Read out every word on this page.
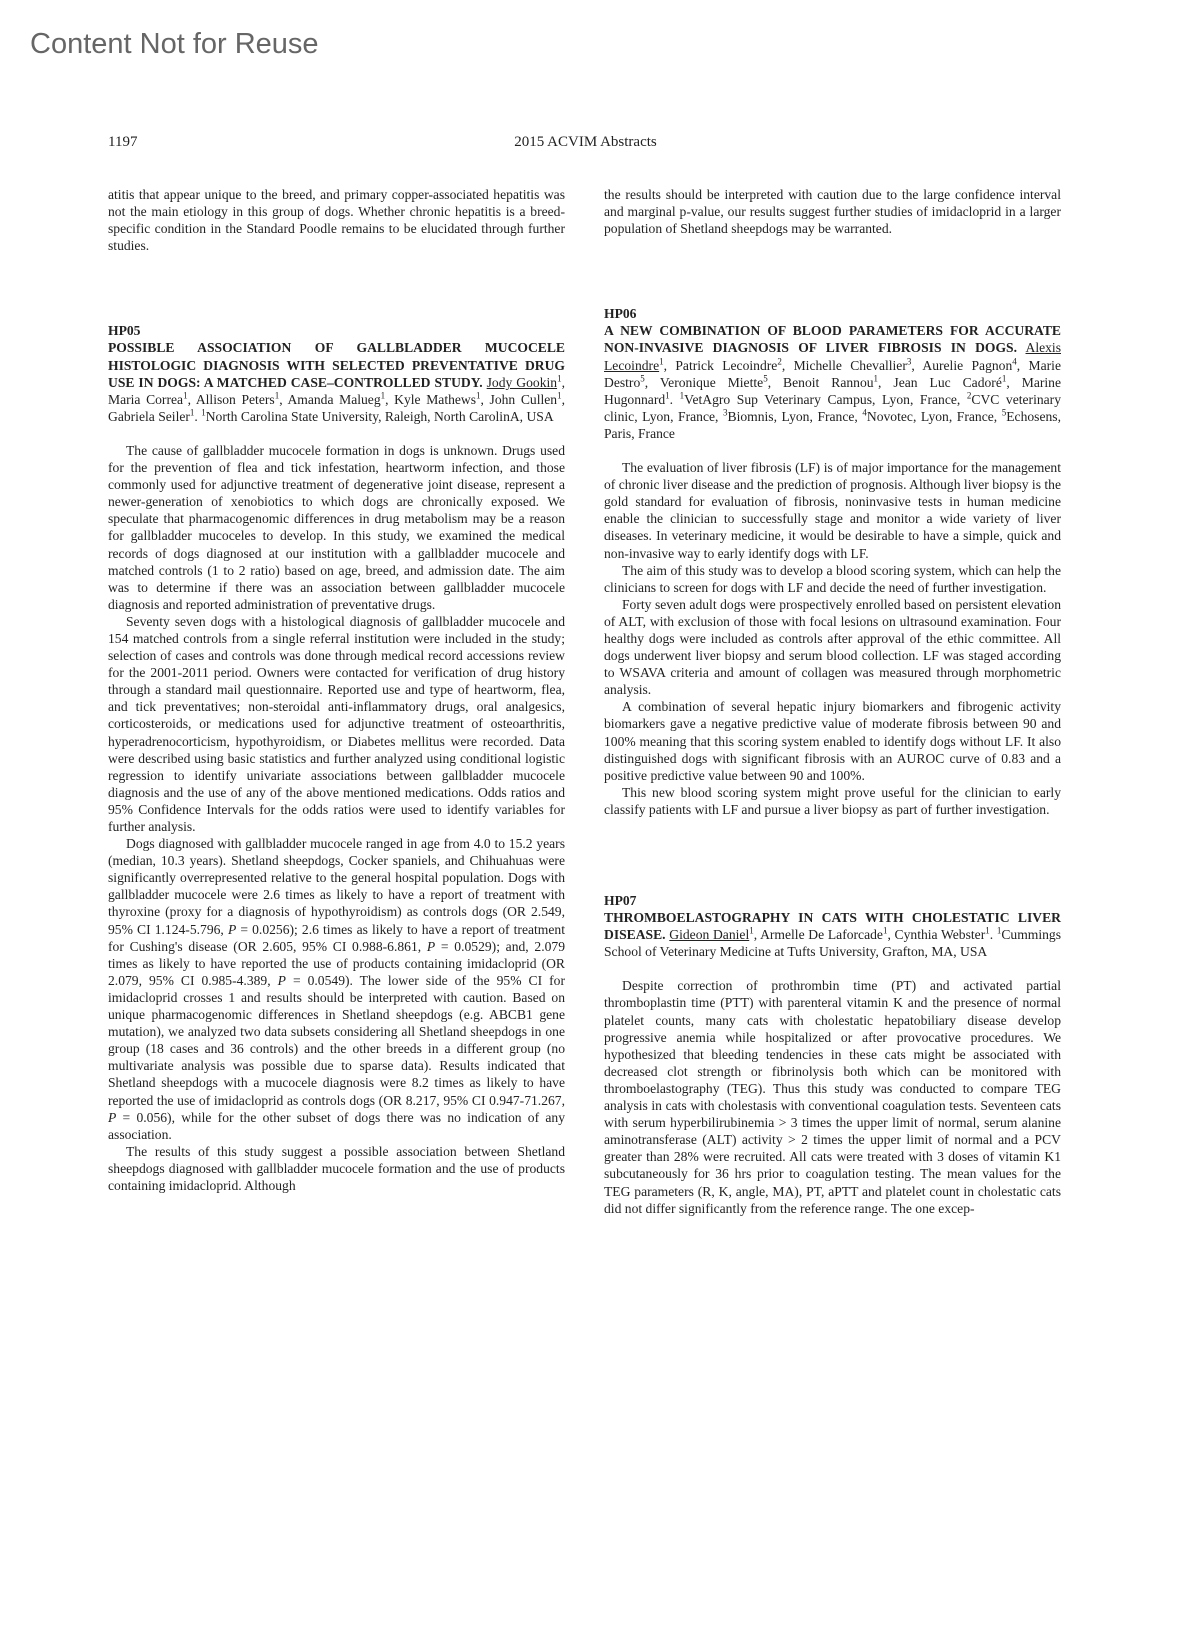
Content Not for Reuse
1197	2015 ACVIM Abstracts

atitis that appear unique to the breed, and primary copper-associated hepatitis was not the main etiology in this group of dogs. Whether chronic hepatitis is a breed-specific condition in the Standard Poodle remains to be elucidated through further studies.

HP05

POSSIBLE ASSOCIATION OF GALLBLADDER MUCOCELE HISTOLOGIC DIAGNOSIS WITH SELECTED PREVENTATIVE DRUG USE IN DOGS: A MATCHED CASE–CONTROLLED STUDY. Jody Gookin$^1$, Maria Correa$^1$, Allison Peters$^1$, Amanda Malueg$^1$, Kyle Mathews$^1$, John Cullen$^1$, Gabriela Seiler$^1$. $^1$North Carolina State University, Raleigh, North CarolinA, USA

The cause of gallbladder mucocele formation in dogs is unknown. Drugs used for the prevention of flea and tick infestation, heartworm infection, and those commonly used for adjunctive treatment of degenerative joint disease, represent a newer-generation of xenobiotics to which dogs are chronically exposed. We speculate that pharmacogenomic differences in drug metabolism may be a reason for gallbladder mucoceles to develop. In this study, we examined the medical records of dogs diagnosed at our institution with a gallbladder mucocele and matched controls (1 to 2 ratio) based on age, breed, and admission date. The aim was to determine if there was an association between gallbladder mucocele diagnosis and reported administration of preventative drugs.

Seventy seven dogs with a histological diagnosis of gallbladder mucocele and 154 matched controls from a single referral institution were included in the study; selection of cases and controls was done through medical record accessions review for the 2001-2011 period. Owners were contacted for verification of drug history through a standard mail questionnaire. Reported use and type of heartworm, flea, and tick preventatives; non-steroidal anti-inflammatory drugs, oral analgesics, corticosteroids, or medications used for adjunctive treatment of osteoarthritis, hyperadrenocorticism, hypothyroidism, or Diabetes mellitus were recorded. Data were described using basic statistics and further analyzed using conditional logistic regression to identify univariate associations between gallbladder mucocele diagnosis and the use of any of the above mentioned medications. Odds ratios and 95% Confidence Intervals for the odds ratios were used to identify variables for further analysis.

Dogs diagnosed with gallbladder mucocele ranged in age from 4.0 to 15.2 years (median, 10.3 years). Shetland sheepdogs, Cocker spaniels, and Chihuahuas were significantly overrepresented relative to the general hospital population. Dogs with gallbladder mucocele were 2.6 times as likely to have a report of treatment with thyroxine (proxy for a diagnosis of hypothyroidism) as controls dogs (OR 2.549, 95% CI 1.124-5.796, P = 0.0256); 2.6 times as likely to have a report of treatment for Cushing's disease (OR 2.605, 95% CI 0.988-6.861, P = 0.0529); and, 2.079 times as likely to have reported the use of products containing imidacloprid (OR 2.079, 95% CI 0.985-4.389, P = 0.0549). The lower side of the 95% CI for imidacloprid crosses 1 and results should be interpreted with caution. Based on unique pharmacogenomic differences in Shetland sheepdogs (e.g. ABCB1 gene mutation), we analyzed two data subsets considering all Shetland sheepdogs in one group (18 cases and 36 controls) and the other breeds in a different group (no multivariate analysis was possible due to sparse data). Results indicated that Shetland sheepdogs with a mucocele diagnosis were 8.2 times as likely to have reported the use of imidacloprid as controls dogs (OR 8.217, 95% CI 0.947-71.267, P = 0.056), while for the other subset of dogs there was no indication of any association.

The results of this study suggest a possible association between Shetland sheepdogs diagnosed with gallbladder mucocele formation and the use of products containing imidacloprid. Although

the results should be interpreted with caution due to the large confidence interval and marginal p-value, our results suggest further studies of imidacloprid in a larger population of Shetland sheepdogs may be warranted.

HP06

A NEW COMBINATION OF BLOOD PARAMETERS FOR ACCURATE NON-INVASIVE DIAGNOSIS OF LIVER FIBROSIS IN DOGS. Alexis Lecoindre$^1$, Patrick Lecoindre$^2$, Michelle Chevallier$^3$, Aurelie Pagnon$^4$, Marie Destro$^5$, Veronique Miette$^5$, Benoit Rannou$^1$, Jean Luc Cadoré$^1$, Marine Hugonnard$^1$. $^1$VetAgro Sup Veterinary Campus, Lyon, France, $^2$CVC veterinary clinic, Lyon, France, $^3$Biomnis, Lyon, France, $^4$Novotec, Lyon, France, $^5$Echosens, Paris, France

The evaluation of liver fibrosis (LF) is of major importance for the management of chronic liver disease and the prediction of prognosis. Although liver biopsy is the gold standard for evaluation of fibrosis, noninvasive tests in human medicine enable the clinician to successfully stage and monitor a wide variety of liver diseases. In veterinary medicine, it would be desirable to have a simple, quick and non-invasive way to early identify dogs with LF.

The aim of this study was to develop a blood scoring system, which can help the clinicians to screen for dogs with LF and decide the need of further investigation.

Forty seven adult dogs were prospectively enrolled based on persistent elevation of ALT, with exclusion of those with focal lesions on ultrasound examination. Four healthy dogs were included as controls after approval of the ethic committee. All dogs underwent liver biopsy and serum blood collection. LF was staged according to WSAVA criteria and amount of collagen was measured through morphometric analysis.

A combination of several hepatic injury biomarkers and fibrogenic activity biomarkers gave a negative predictive value of moderate fibrosis between 90 and 100% meaning that this scoring system enabled to identify dogs without LF. It also distinguished dogs with significant fibrosis with an AUROC curve of 0.83 and a positive predictive value between 90 and 100%.

This new blood scoring system might prove useful for the clinician to early classify patients with LF and pursue a liver biopsy as part of further investigation.

HP07

THROMBOELASTOGRAPHY IN CATS WITH CHOLESTATIC LIVER DISEASE. Gideon Daniel$^1$, Armelle De Laforcade$^1$, Cynthia Webster$^1$. $^1$Cummings School of Veterinary Medicine at Tufts University, Grafton, MA, USA

Despite correction of prothrombin time (PT) and activated partial thromboplastin time (PTT) with parenteral vitamin K and the presence of normal platelet counts, many cats with cholestatic hepatobiliary disease develop progressive anemia while hospitalized or after provocative procedures. We hypothesized that bleeding tendencies in these cats might be associated with decreased clot strength or fibrinolysis both which can be monitored with thromboelastography (TEG). Thus this study was conducted to compare TEG analysis in cats with cholestasis with conventional coagulation tests. Seventeen cats with serum hyperbilirubinemia > 3 times the upper limit of normal, serum alanine aminotransferase (ALT) activity > 2 times the upper limit of normal and a PCV greater than 28% were recruited. All cats were treated with 3 doses of vitamin K1 subcutaneously for 36 hrs prior to coagulation testing. The mean values for the TEG parameters (R, K, angle, MA), PT, aPTT and platelet count in cholestatic cats did not differ significantly from the reference range. The one excep-
